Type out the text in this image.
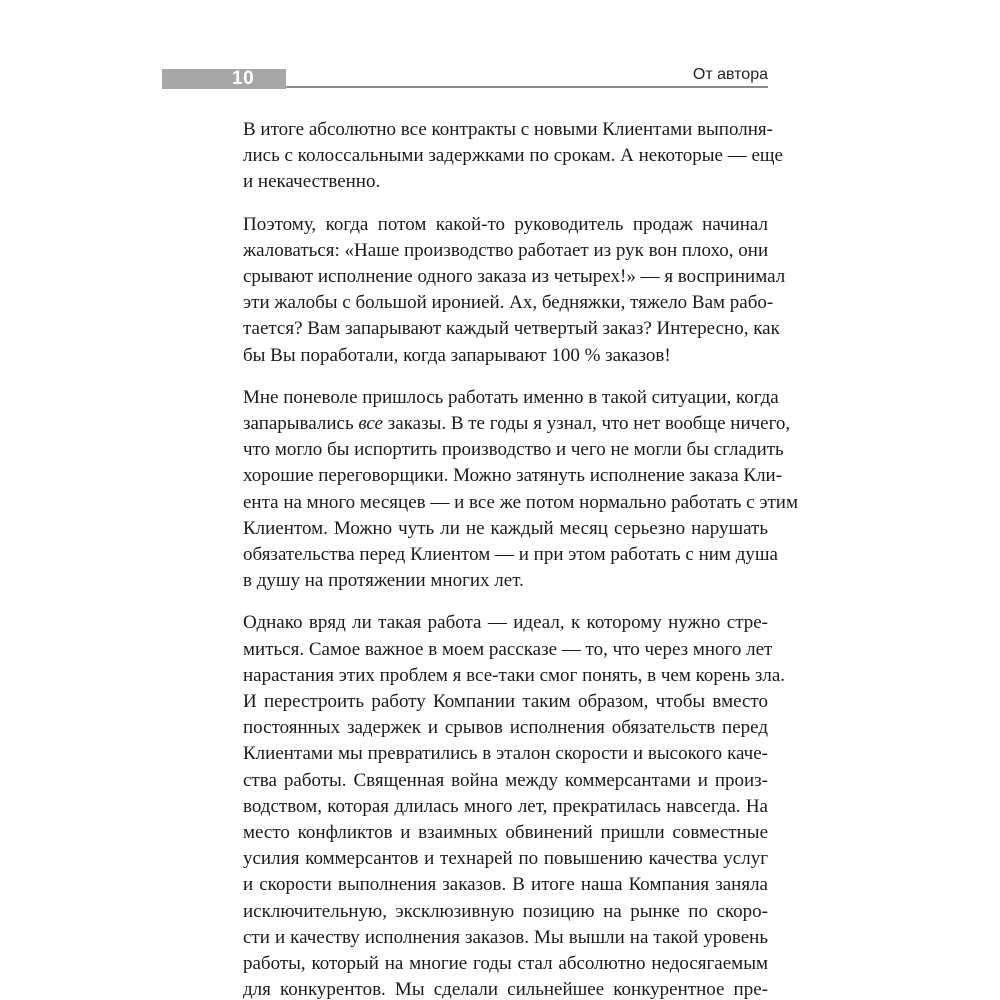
10	От автора

В итоге абсолютно все контракты с новыми Клиентами выполня-
лись с колоссальными задержками по срокам. А некоторые — еще
и некачественно.

Поэтому, когда потом какой-то руководитель продаж начинал
жаловаться: «Наше производство работает из рук вон плохо, они
срывают исполнение одного заказа из четырех!» — я воспринимал
эти жалобы с большой иронией. Ах, бедняжки, тяжело Вам рабо-
тается? Вам запарывают каждый четвертый заказ? Интересно, как
бы Вы поработали, когда запарывают 100 % заказов!

Мне поневоле пришлось работать именно в такой ситуации, когда
запарывались все заказы. В те годы я узнал, что нет вообще ничего,
что могло бы испортить производство и чего не могли бы сгладить
хорошие переговорщики. Можно затянуть исполнение заказа Кли-
ента на много месяцев — и все же потом нормально работать с этим
Клиентом. Можно чуть ли не каждый месяц серьезно нарушать
обязательства перед Клиентом — и при этом работать с ним душа
в душу на протяжении многих лет.

Однако вряд ли такая работа — идеал, к которому нужно стре-
миться. Самое важное в моем рассказе — то, что через много лет
нарастания этих проблем я все-таки смог понять, в чем корень зла.
И перестроить работу Компании таким образом, чтобы вместо
постоянных задержек и срывов исполнения обязательств перед
Клиентами мы превратились в эталон скорости и высокого каче-
ства работы. Священная война между коммерсантами и произ-
водством, которая длилась много лет, прекратилась навсегда. На
место конфликтов и взаимных обвинений пришли совместные
усилия коммерсантов и технарей по повышению качества услуг
и скорости выполнения заказов. В итоге наша Компания заняла
исключительную, эксклюзивную позицию на рынке по скоро-
сти и качеству исполнения заказов. Мы вышли на такой уровень
работы, который на многие годы стал абсолютно недосягаемым
для конкурентов. Мы сделали сильнейшее конкурентное пре-
